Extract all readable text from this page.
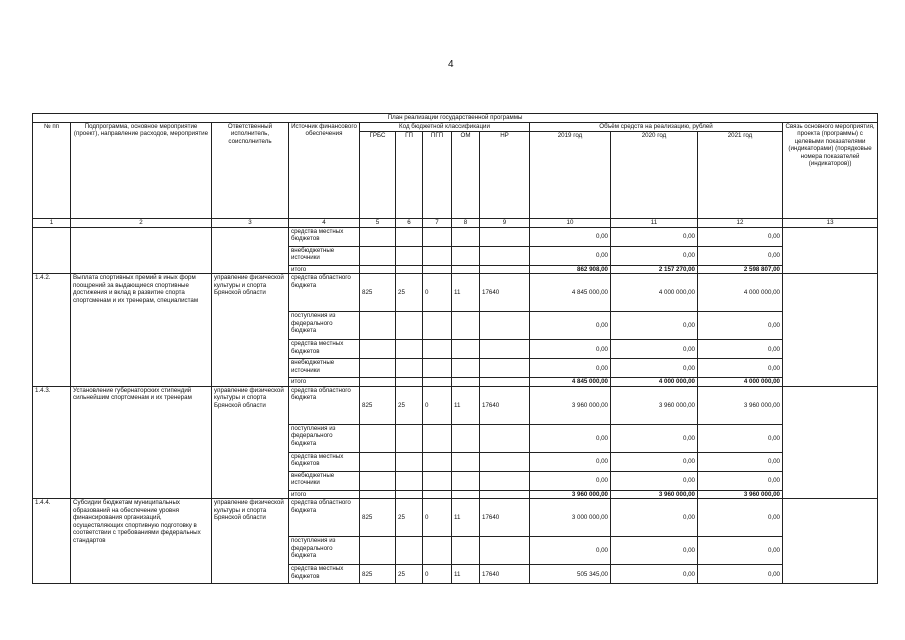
4
План реализации государственной программы												
№ пп	Подпрограмма, основное мероприятие (проект), направление расходов, мероприятие	Ответственный исполнитель, соисполнитель	Источник финансового обеспечения	Код бюджетной классификации					Объём средств на реализацию, рублей			Связь основного мероприятия, проекта (программы) с целевыми показателями (индикаторами) (порядковые номера показателей (индикаторов))
				ГРБС	ГП	ПГП	ОМ	НР	2019 год	2020 год	2021 год	
1	2	3	4	5	6	7	8	9	10	11	12	13
			средства местных бюджетов						0,00	0,00	0,00	
			внебюджетные источники						0,00	0,00	0,00	
			итого						862 908,00	2 157 270,00	2 598 807,00	
1.4.2.	Выплата спортивных премий в иных форм поощрений за выдающиеся спортивные достижения и вклад в развитие спорта спортсменам и их тренерам, специалистам	управление физической культуры и спорта Брянской области	средства областного бюджета	825	25	0	11	17640	4 845 000,00	4 000 000,00	4 000 000,00	
			поступления из федерального бюджета						0,00	0,00	0,00	
			средства местных бюджетов						0,00	0,00	0,00	
			внебюджетные источники						0,00	0,00	0,00	
			итого						4 845 000,00	4 000 000,00	4 000 000,00	
1.4.3.	Установление губернаторских стипендий сильнейшим спортсменам и их тренерам	управление физической культуры и спорта Брянской области	средства областного бюджета	825	25	0	11	17640	3 960 000,00	3 960 000,00	3 960 000,00	
			поступления из федерального бюджета						0,00	0,00	0,00	
			средства местных бюджетов						0,00	0,00	0,00	
			внебюджетные источники						0,00	0,00	0,00	
			итого						3 960 000,00	3 960 000,00	3 960 000,00	
1.4.4.	Субсидии бюджетам муниципальных образований на обеспечение уровня финансирования организаций, осуществляющих спортивную подготовку в соответствии с требованиями федеральных стандартов	управление физической культуры и спорта Брянской области	средства областного бюджета	825	25	0	11	17640	3 000 000,00	0,00	0,00	
			поступления из федерального бюджета						0,00	0,00	0,00	
			средства местных бюджетов	825	25	0	11	17640	505 345,00	0,00	0,00	
